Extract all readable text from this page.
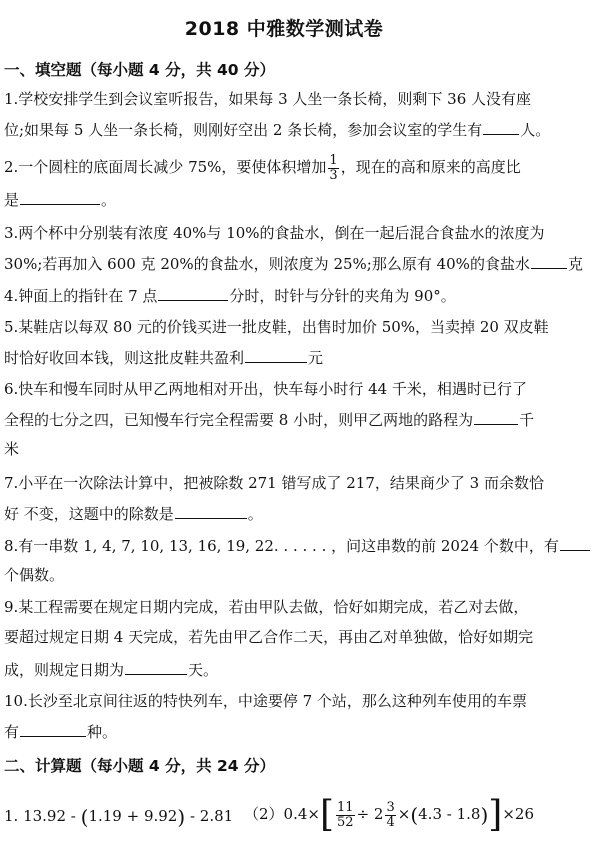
2018 中雅数学测试卷
一、填空题（每小题 4 分，共 40 分）
1.学校安排学生到会议室听报告，如果每 3 人坐一条长椅，则剩下 36 人没有座
位;如果每 5 人坐一条长椅，则刚好空出 2 条长椅，参加会议室的学生有	人。
2.一个圆柱的底面周长减少 75%，要使体积增加 $\frac{1}{3}$ ，现在的高和原来的高度比
是	。
3.两个杯中分别装有浓度 40%与 10%的食盐水，倒在一起后混合食盐水的浓度为
30%;若再加入 600 克 20%的食盐水，则浓度为 25%;那么原有 40%的食盐水	克
4.钟面上的指针在 7 点	分时，时针与分针的夹角为 90°。
5.某鞋店以每双 80 元的价钱买进一批皮鞋，出售时加价 50%，当卖掉 20 双皮鞋
时恰好收回本钱，则这批皮鞋共盈利	元
6.快车和慢车同时从甲乙两地相对开出，快车每小时行 44 千米，相遇时已行了
全程的七分之四，已知慢车行完全程需要 8 小时，则甲乙两地的路程为	千
米
7.小平在一次除法计算中，把被除数 271 错写成了 217，结果商少了 3 而余数恰
好 不变，这题中的除数是	。
8.有一串数 1, 4, 7, 10, 13, 16, 19, 22. . . . . . ，问这串数的前 2024 个数中，有
个偶数。
9.某工程需要在规定日期内完成，若由甲队去做，恰好如期完成，若乙对去做，
要超过规定日期 4 天完成，若先由甲乙合作二天，再由乙对单独做，恰好如期完
成，则规定日期为	天。
10.长沙至北京间往返的特快列车，中途要停 7 个站，那么这种列车使用的车票
有	种。
二、计算题（每小题 4 分，共 24 分）
1. 13.92 - (1.19 + 9.92) - 2.81 $(2)0.4\times[ \frac{11}{52} \div 2 \frac{3}{4} \times(4.3 - 1.8)]\times 26$
